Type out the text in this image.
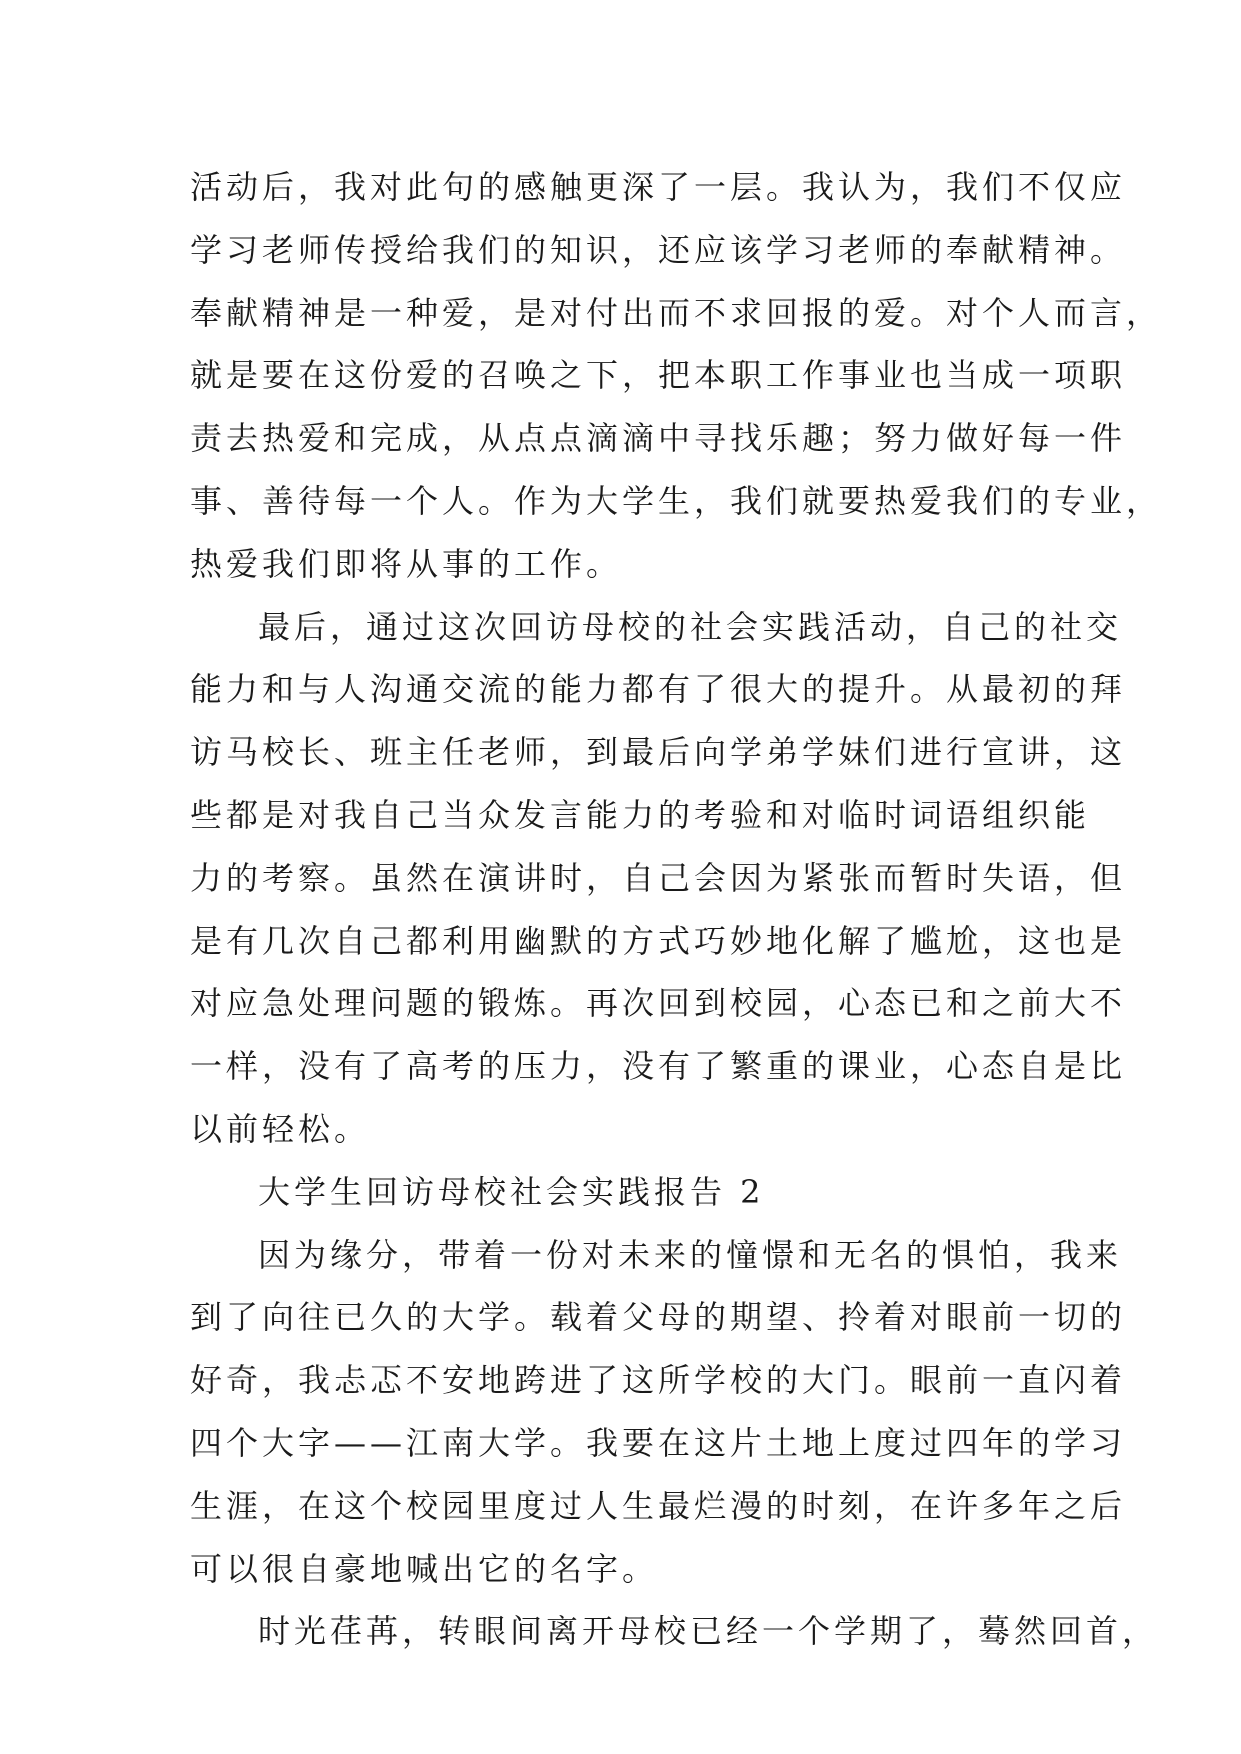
活动后，我对此句的感触更深了一层。我认为，我们不仅应
学习老师传授给我们的知识，还应该学习老师的奉献精神。
奉献精神是一种爱，是对付出而不求回报的爱。对个人而言，
就是要在这份爱的召唤之下，把本职工作事业也当成一项职
责去热爱和完成，从点点滴滴中寻找乐趣；努力做好每一件
事、善待每一个人。作为大学生，我们就要热爱我们的专业，
热爱我们即将从事的工作。
最后，通过这次回访母校的社会实践活动，自己的社交
能力和与人沟通交流的能力都有了很大的提升。从最初的拜
访马校长、班主任老师，到最后向学弟学妹们进行宣讲，这
些都是对我自己当众发言能力的考验和对临时词语组织能
力的考察。虽然在演讲时，自己会因为紧张而暂时失语，但
是有几次自己都利用幽默的方式巧妙地化解了尴尬，这也是
对应急处理问题的锻炼。再次回到校园，心态已和之前大不
一样，没有了高考的压力，没有了繁重的课业，心态自是比
以前轻松。
大学生回访母校社会实践报告 2
因为缘分，带着一份对未来的憧憬和无名的惧怕，我来
到了向往已久的大学。载着父母的期望、拎着对眼前一切的
好奇，我忐忑不安地跨进了这所学校的大门。眼前一直闪着
四个大字——江南大学。我要在这片土地上度过四年的学习
生涯，在这个校园里度过人生最烂漫的时刻，在许多年之后
可以很自豪地喊出它的名字。
时光荏苒，转眼间离开母校已经一个学期了，蓦然回首，
